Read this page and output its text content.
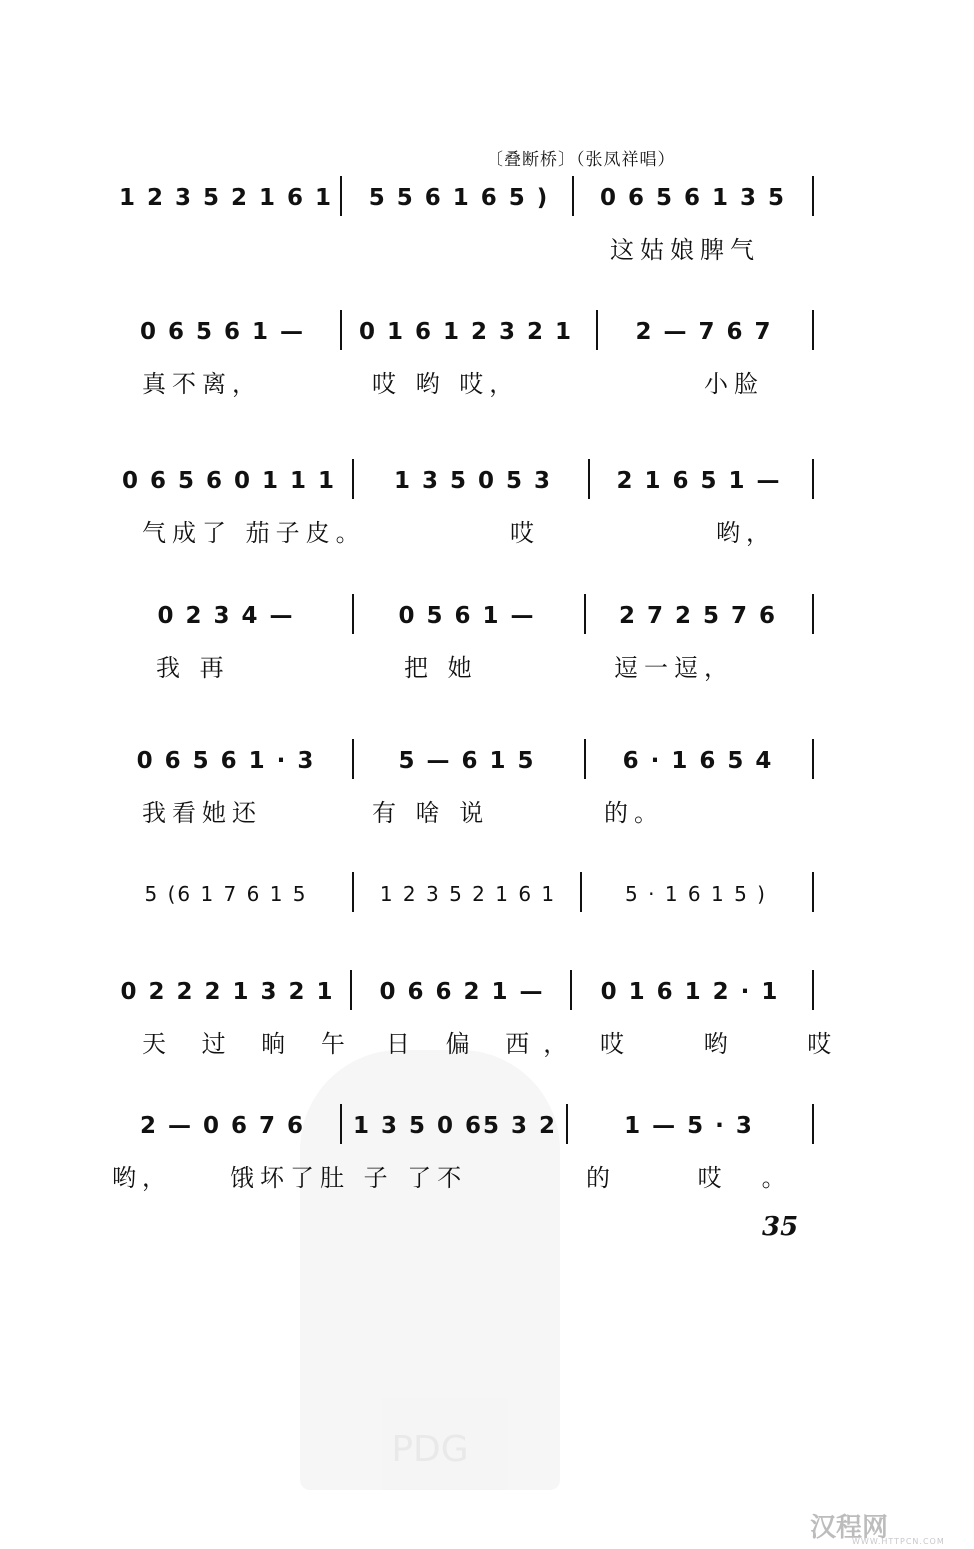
〔叠断桥〕（张凤祥唱）
PDG
1 2 3 5 2 1 6 1	5 5 6 1 6 5 )	0 6 5 6 1 3 5
这姑娘脾气
0 6 5 6 1 —	0 1 6 1 2 3 2 1	2 — 7 6 7
真不离，	哎 哟 哎，	小脸
0 6 5 6 0 1 1 1	1 3 5 0 5 3	2 1 6 5 1 —
气成了 茄子皮。	哎	哟，
0 2 3 4 —	0 5 6 1 —	2 7 2 5 7 6
我 再	把 她	逗一逗，
0 6 5 6 1 · 3	5 — 6 1 5	6 · 1 6 5 4
我看她还	有 啥 说	的。
5 (6 1 7 6 1 5	1 2 3 5 2 1 6 1	5 · 1 6 1 5 )
0 2 2 2 1 3 2 1	0 6 6 2 1 —	0 1 6 1 2 · 1
天 过 晌 午 日 偏 西， 哎 哟 哎
2 — 0 6 7 6	1 3 5 0 65 3 2	1 — 5 · 3
哟， 饿坏了肚 子 了不	的 哎。
35
汉程网
WWW.HTTPCN.COM
